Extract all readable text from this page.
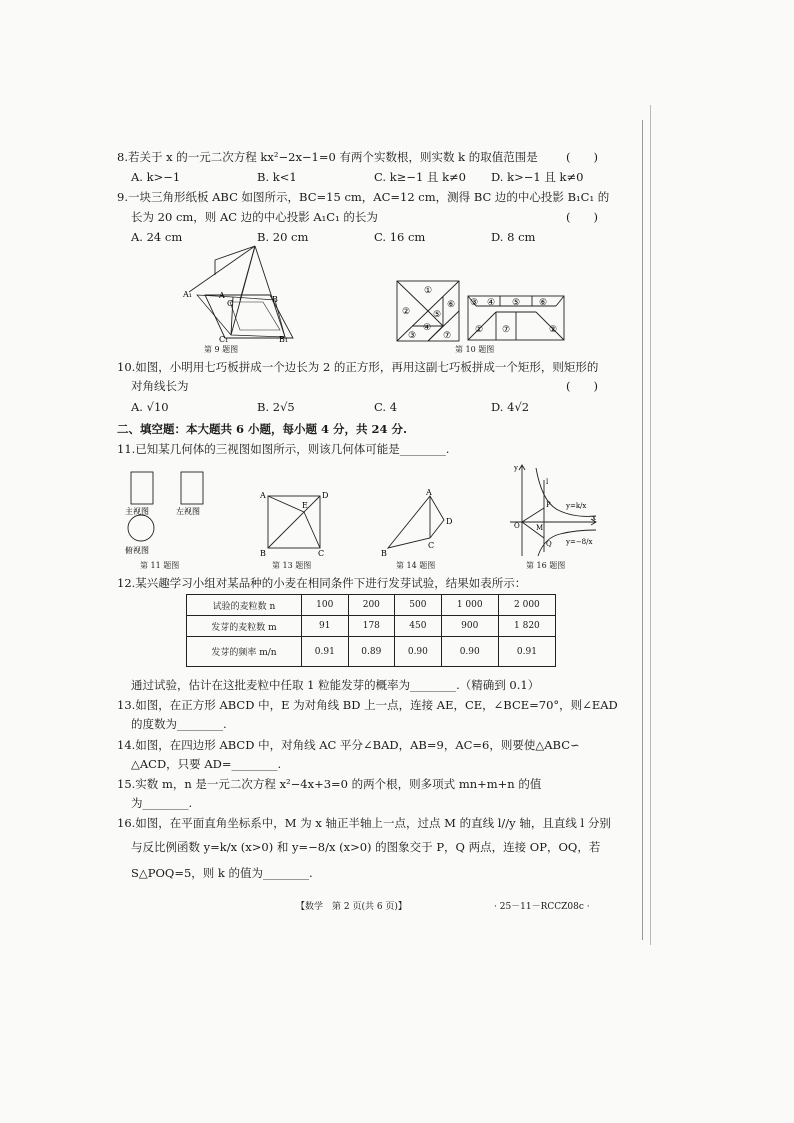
8.若关于 x 的一元二次方程 kx²−2x−1=0 有两个实数根，则实数 k 的取值范围是 (　　)
A. k>−1	B. k<1	C. k≥−1 且 k≠0 D. k>−1 且 k≠0
9.一块三角形纸板 ABC 如图所示，BC=15 cm，AC=12 cm，测得 BC 边的中心投影 B₁C₁ 的
长为 20 cm，则 AC 边的中心投影 A₁C₁ 的长为	(　　)
A. 24 cm	B. 20 cm	C. 16 cm	D. 8 cm
A₁	A
C	B
C₁	B₁
第 9 题图
①
②
③
④
⑤
⑥
⑦
①	②
③ ④ ⑤ ⑥
⑦
第 10 题图
10.如图，小明用七巧板拼成一个边长为 2 的正方形，再用这副七巧板拼成一个矩形，则矩形的
对角线长为	(　　)
A. √10	B. 2√5	C. 4	D. 4√2
二、填空题：本大题共 6 小题，每小题 4 分，共 24 分.
11.已知某几何体的三视图如图所示，则该几何体可能是________.
主视图	左视图
俯视图
第 11 题图
A	D
B	C
E
第 13 题图
A
D
C
B
第 14 题图
y
x
O M
P
Q
l
y=k/x
y=−8/x
第 16 题图
12.某兴趣学习小组对某品种的小麦在相同条件下进行发芽试验，结果如表所示：
试验的麦粒数 n	100	200	500	1 000	2 000
发芽的麦粒数 m	91	178	450	900	1 820
发芽的频率 m/n	0.91	0.89	0.90	0.90	0.91
通过试验，估计在这批麦粒中任取 1 粒能发芽的概率为________.（精确到 0.1）
13.如图，在正方形 ABCD 中，E 为对角线 BD 上一点，连接 AE，CE，∠BCE=70°，则∠EAD
的度数为________.
14.如图，在四边形 ABCD 中，对角线 AC 平分∠BAD，AB=9，AC=6，则要使△ABC∽
△ACD，只要 AD=________.
15.实数 m，n 是一元二次方程 x²−4x+3=0 的两个根，则多项式 mn+m+n 的值
为________.
16.如图，在平面直角坐标系中，M 为 x 轴正半轴上一点，过点 M 的直线 l//y 轴，且直线 l 分别
与反比例函数 y=k/x (x>0) 和 y=−8/x (x>0) 的图象交于 P，Q 两点，连接 OP，OQ，若
S△POQ=5，则 k 的值为________.
【数学　第 2 页(共 6 页)】	· 25－11－RCCZ08c ·
